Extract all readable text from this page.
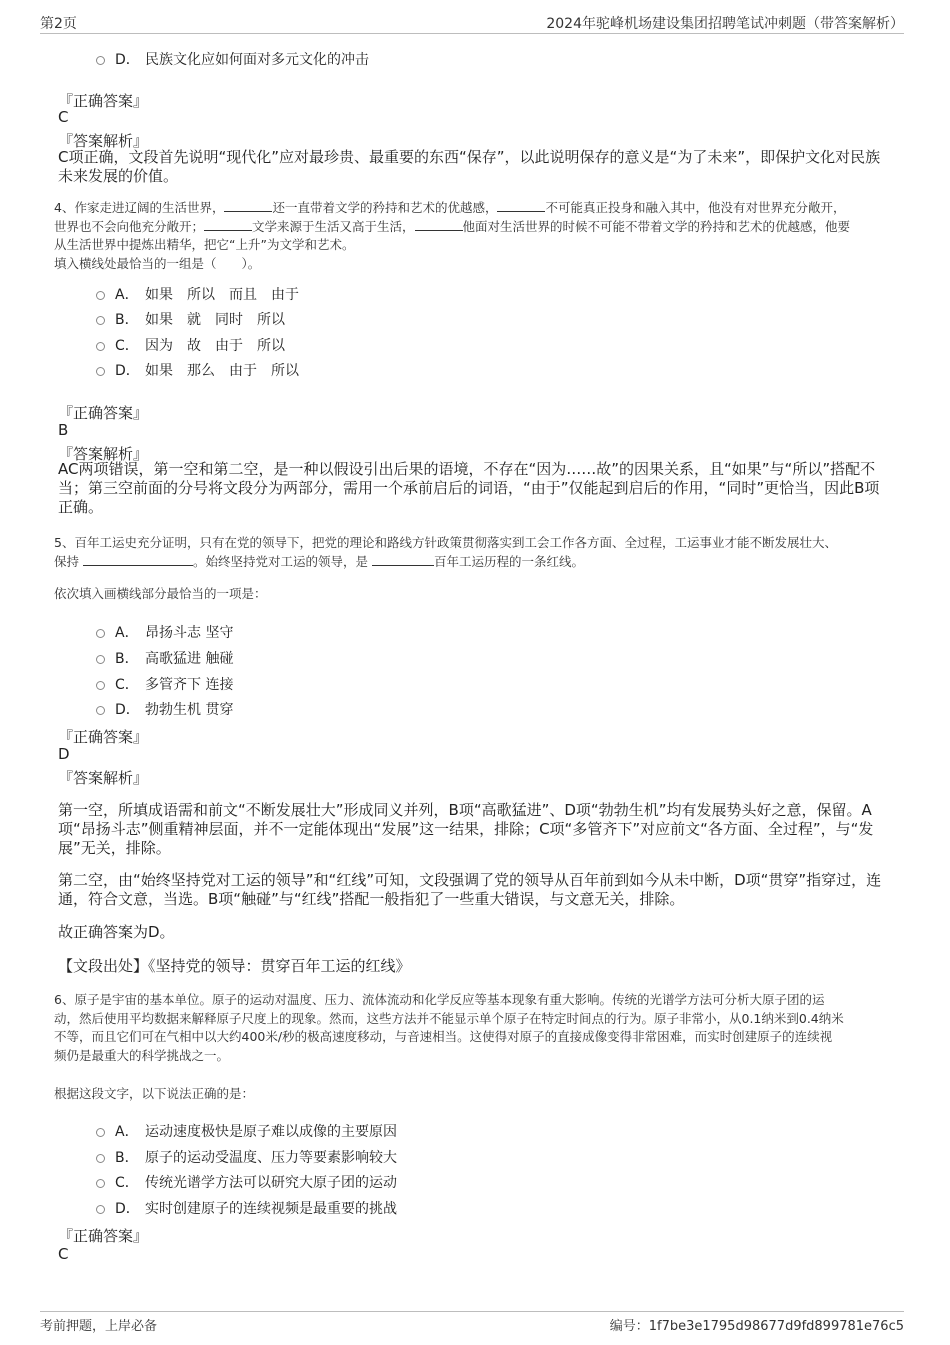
第2页	2024年驼峰机场建设集团招聘笔试冲刺题（带答案解析）
D． 民族文化应如何面对多元文化的冲击
『正确答案』
C
『答案解析』
C项正确，文段首先说明“现代化”应对最珍贵、最重要的东西“保存”，以此说明保存的意义是“为了未来”，即保护文化对民族
未来发展的价值。
4、作家走进辽阔的生活世界，	还一直带着文学的矜持和艺术的优越感，	不可能真正投身和融入其中，他没有对世界充分敞开，
世界也不会向他充分敞开；	文学来源于生活又高于生活，	他面对生活世界的时候不可能不带着文学的矜持和艺术的优越感，他要
从生活世界中提炼出精华，把它“上升”为文学和艺术。
填入横线处最恰当的一组是（　　）。
A． 如果　所以　而且　由于
B． 如果　就　同时　所以
C． 因为　故　由于　所以
D． 如果　那么　由于　所以
『正确答案』
B
『答案解析』
AC两项错误，第一空和第二空，是一种以假设引出后果的语境，不存在“因为……故”的因果关系，且“如果”与“所以”搭配不
当；第三空前面的分号将文段分为两部分，需用一个承前启后的词语，“由于”仅能起到启后的作用，“同时”更恰当，因此B项
正确。
5、百年工运史充分证明，只有在党的领导下，把党的理论和路线方针政策贯彻落实到工会工作各方面、全过程，工运事业才能不断发展壮大、
保持	。始终坚持党对工运的领导，是	百年工运历程的一条红线。
依次填入画横线部分最恰当的一项是：
A． 昂扬斗志 坚守
B． 高歌猛进 触碰
C． 多管齐下 连接
D． 勃勃生机 贯穿
『正确答案』
D
『答案解析』
第一空，所填成语需和前文“不断发展壮大”形成同义并列，B项“高歌猛进”、D项“勃勃生机”均有发展势头好之意，保留。A
项“昂扬斗志”侧重精神层面，并不一定能体现出“发展”这一结果，排除；C项“多管齐下”对应前文“各方面、全过程”，与“发
展”无关，排除。
第二空，由“始终坚持党对工运的领导”和“红线”可知，文段强调了党的领导从百年前到如今从未中断，D项“贯穿”指穿过，连
通，符合文意，当选。B项“触碰”与“红线”搭配一般指犯了一些重大错误，与文意无关，排除。
故正确答案为D。
【文段出处】《坚持党的领导：贯穿百年工运的红线》
6、原子是宇宙的基本单位。原子的运动对温度、压力、流体流动和化学反应等基本现象有重大影响。传统的光谱学方法可分析大原子团的运
动，然后使用平均数据来解释原子尺度上的现象。然而，这些方法并不能显示单个原子在特定时间点的行为。原子非常小，从0.1纳米到0.4纳米
不等，而且它们可在气相中以大约400米/秒的极高速度移动，与音速相当。这使得对原子的直接成像变得非常困难，而实时创建原子的连续视
频仍是最重大的科学挑战之一。
根据这段文字，以下说法正确的是：
A． 运动速度极快是原子难以成像的主要原因
B． 原子的运动受温度、压力等要素影响较大
C． 传统光谱学方法可以研究大原子团的运动
D． 实时创建原子的连续视频是最重要的挑战
『正确答案』
C
考前押题，上岸必备	编号：1f7be3e1795d98677d9fd899781e76c5
